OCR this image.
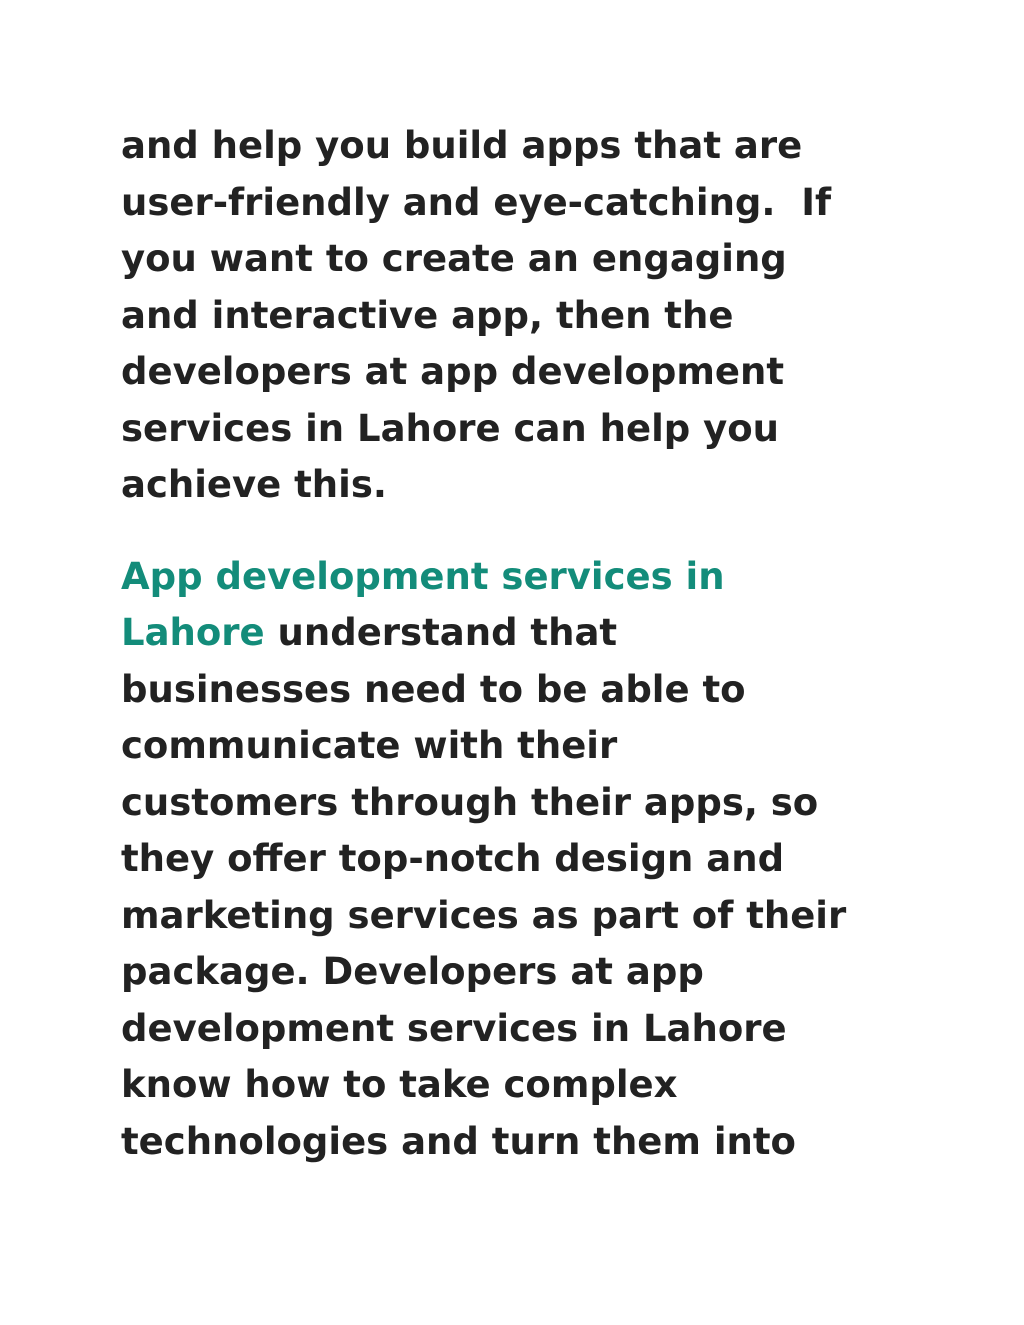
and help you build apps that are
user-friendly and eye-catching.  If
you want to create an engaging
and interactive app, then the
developers at app development
services in Lahore can help you
achieve this.

App development services in
Lahore understand that
businesses need to be able to
communicate with their
customers through their apps, so
they offer top-notch design and
marketing services as part of their
package. Developers at app
development services in Lahore
know how to take complex
technologies and turn them into
